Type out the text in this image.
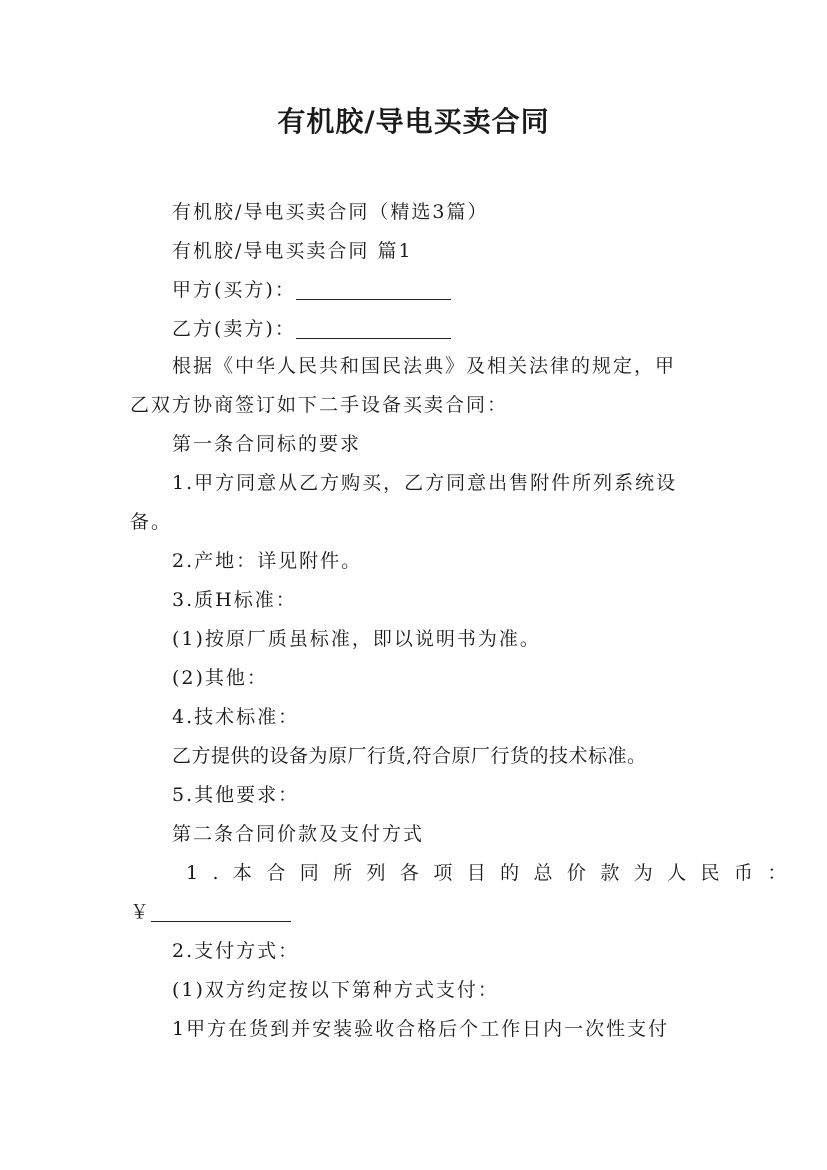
有机胶/导电买卖合同
有机胶/导电买卖合同（精选3篇）
有机胶/导电买卖合同 篇1
甲方(买方)：
乙方(卖方)：
根据《中华人民共和国民法典》及相关法律的规定，甲
乙双方协商签订如下二手设备买卖合同：
第一条合同标的要求
1.甲方同意从乙方购买，乙方同意出售附件所列系统设
备。
2.产地：详见附件。
3.质H标准：
(1)按原厂质虽标准，即以说明书为准。
(2)其他：
4.技术标准：
乙方提供的设备为原厂行货,符合原厂行货的技术标准。
5.其他要求：
第二条合同价款及支付方式
1.本合同所列各项目的总价款为人民币：
￥
2.支付方式：
(1)双方约定按以下第种方式支付：
1甲方在货到并安装验收合格后个工作日内一次性支付
